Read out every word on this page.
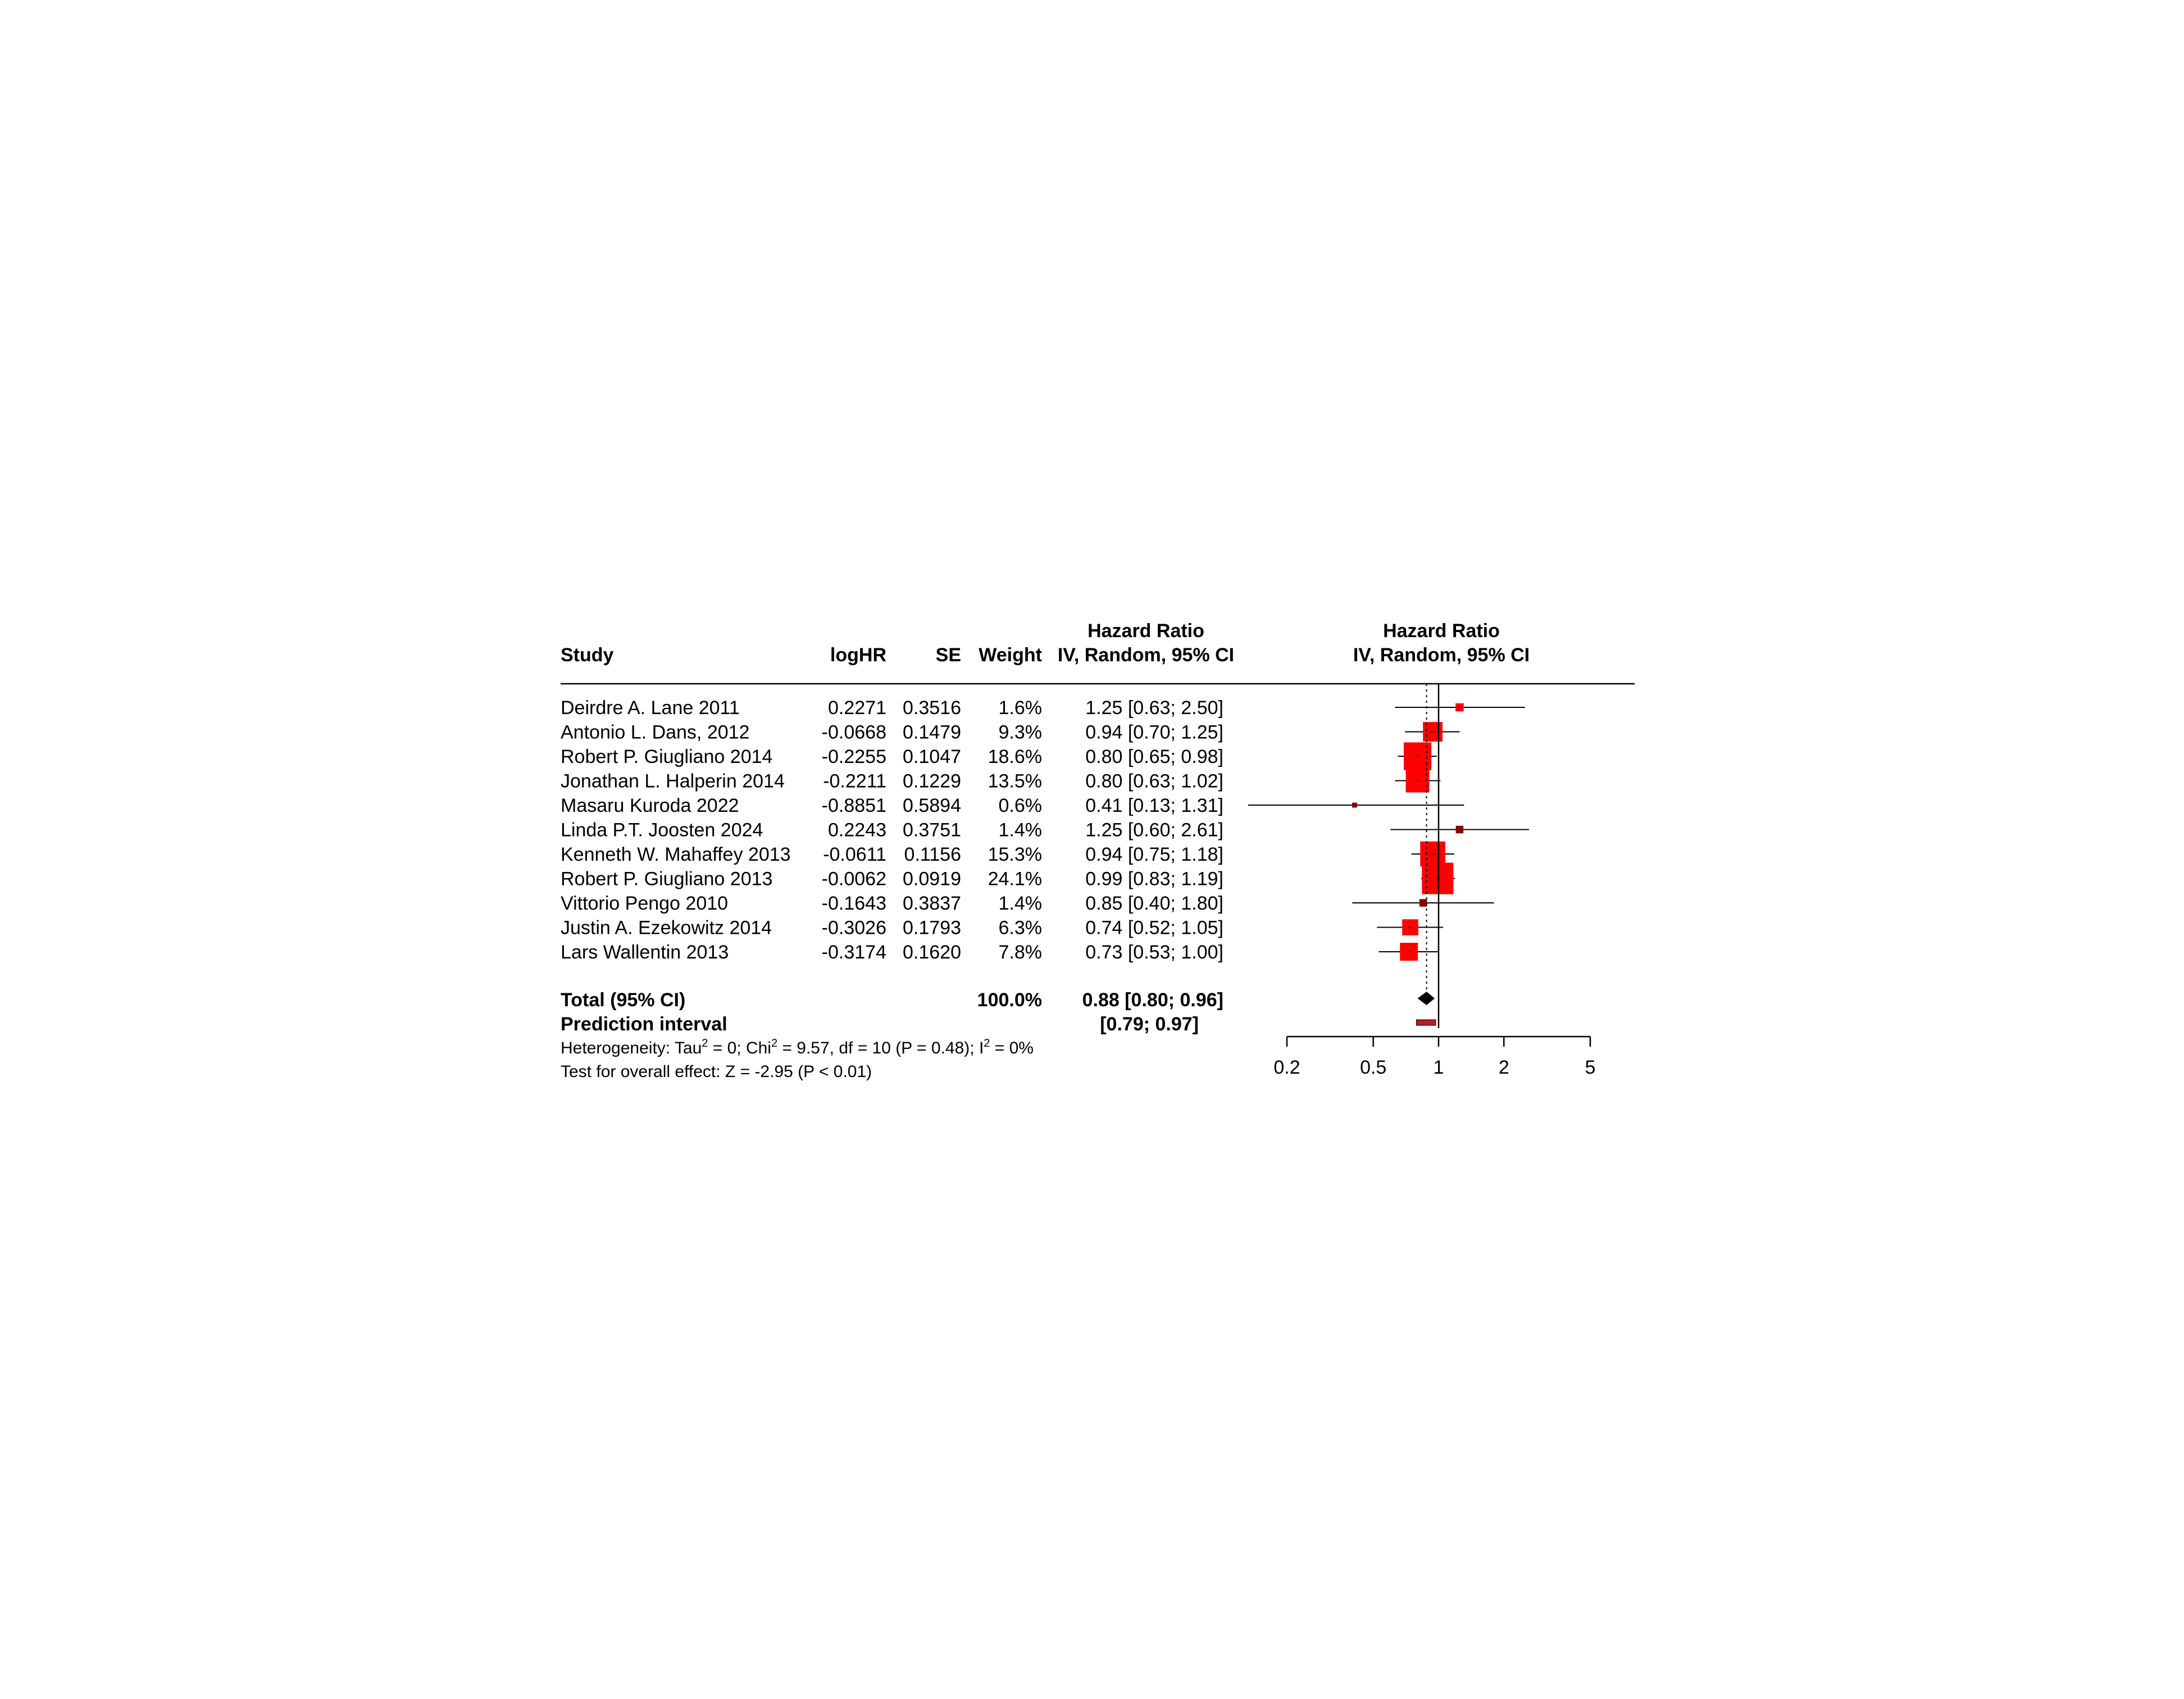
Study	logHR	SE Weight
Hazard Ratio
IV, Random, 95% CI
Hazard Ratio
IV, Random, 95% CI
Deirdre A. Lane 2011	0.2271 0.3516 1.6% 1.25 [0.63; 2.50]
Antonio L. Dans, 2012	-0.0668 0.1479 9.3% 0.94 [0.70; 1.25]
Robert P. Giugliano 2014	-0.2255 0.1047 18.6% 0.80 [0.65; 0.98]
Jonathan L. Halperin 2014 -0.2211 0.1229 13.5% 0.80 [0.63; 1.02]
Masaru Kuroda 2022	-0.8851 0.5894 0.6% 0.41 [0.13; 1.31]
Linda P.T. Joosten 2024	0.2243 0.3751 1.4% 1.25 [0.60; 2.61]
Kenneth W. Mahaffey 2013 -0.0611 0.1156 15.3% 0.94 [0.75; 1.18]
Robert P. Giugliano 2013	-0.0062 0.0919 24.1% 0.99 [0.83; 1.19]
Vittorio Pengo 2010	-0.1643 0.3837 1.4% 0.85 [0.40; 1.80]
Justin A. Ezekowitz 2014	-0.3026 0.1793 6.3% 0.74 [0.52; 1.05]
Lars Wallentin 2013	-0.3174 0.1620 7.8% 0.73 [0.53; 1.00]
Total (95% CI)	100.0% 0.88 [0.80; 0.96]
Prediction interval	[0.79; 0.97]
Heterogeneity: Tau$^2$ = 0; Chi$^2$ = 9.57, df = 10 (P = 0.48); $I^2 = 0\%$
Test for overall effect: Z = -2.95 (P < 0.01)	0.2	0.5 1	2	5
